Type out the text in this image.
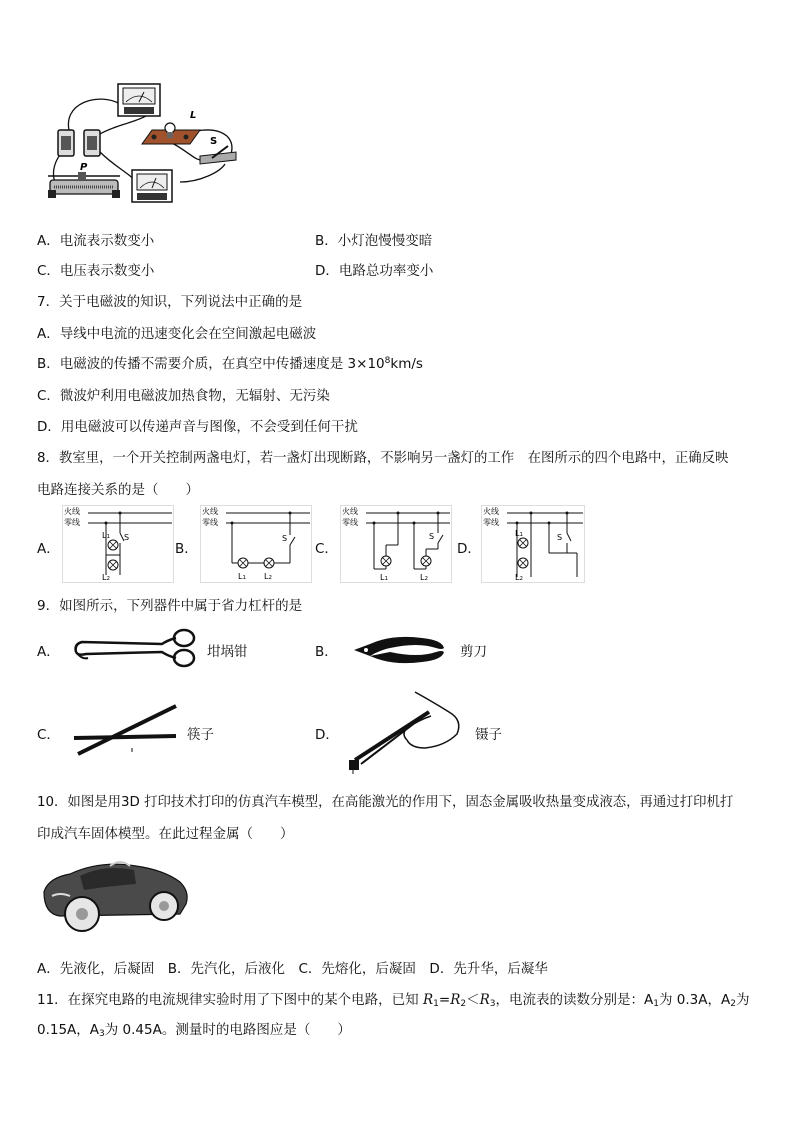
L
S
P
A．电流表示数变小	B．小灯泡慢慢变暗
C．电压表示数变小	D．电路总功率变小
7．关于电磁波的知识，下列说法中正确的是
A．导线中电流的迅速变化会在空间激起电磁波
B．电磁波的传播不需要介质，在真空中传播速度是 $3\times 10^8km/s$
C．微波炉利用电磁波加热食物，无辐射、无污染
D．用电磁波可以传递声音与图像，不会受到任何干扰
8．教室里，一个开关控制两盏电灯，若一盏灯出现断路，不影响另一盏灯的工作　在图所示的四个电路中，正确反映
电路连接关系的是（　　）
A．	B．	C．	D．
火线
零线
S
L1
L2
火线
零线
S
L1 L2
火线
零线
S
L1	L2
火线
零线
S
L1
L2
9．如图所示，下列器件中属于省力杠杆的是
A．	坩埚钳	B．	剪刀
C．	筷子	D．	镊子
10．如图是用3D 打印技术打印的仿真汽车模型，在高能激光的作用下，固态金属吸收热量变成液态，再通过打印机打
印成汽车固体模型。在此过程金属（　　）
A．先液化，后凝固　B．先汽化，后液化　C．先熔化，后凝固　D．先升华，后凝华
11．在探究电路的电流规律实验时用了下图中的某个电路，已知 $R_1=R_2<R_3$，电流表的读数分别是：$A_1$为 0.3A，$A_2$为
0.15A，$A_3$为 0.45A。测量时的电路图应是（　　）
